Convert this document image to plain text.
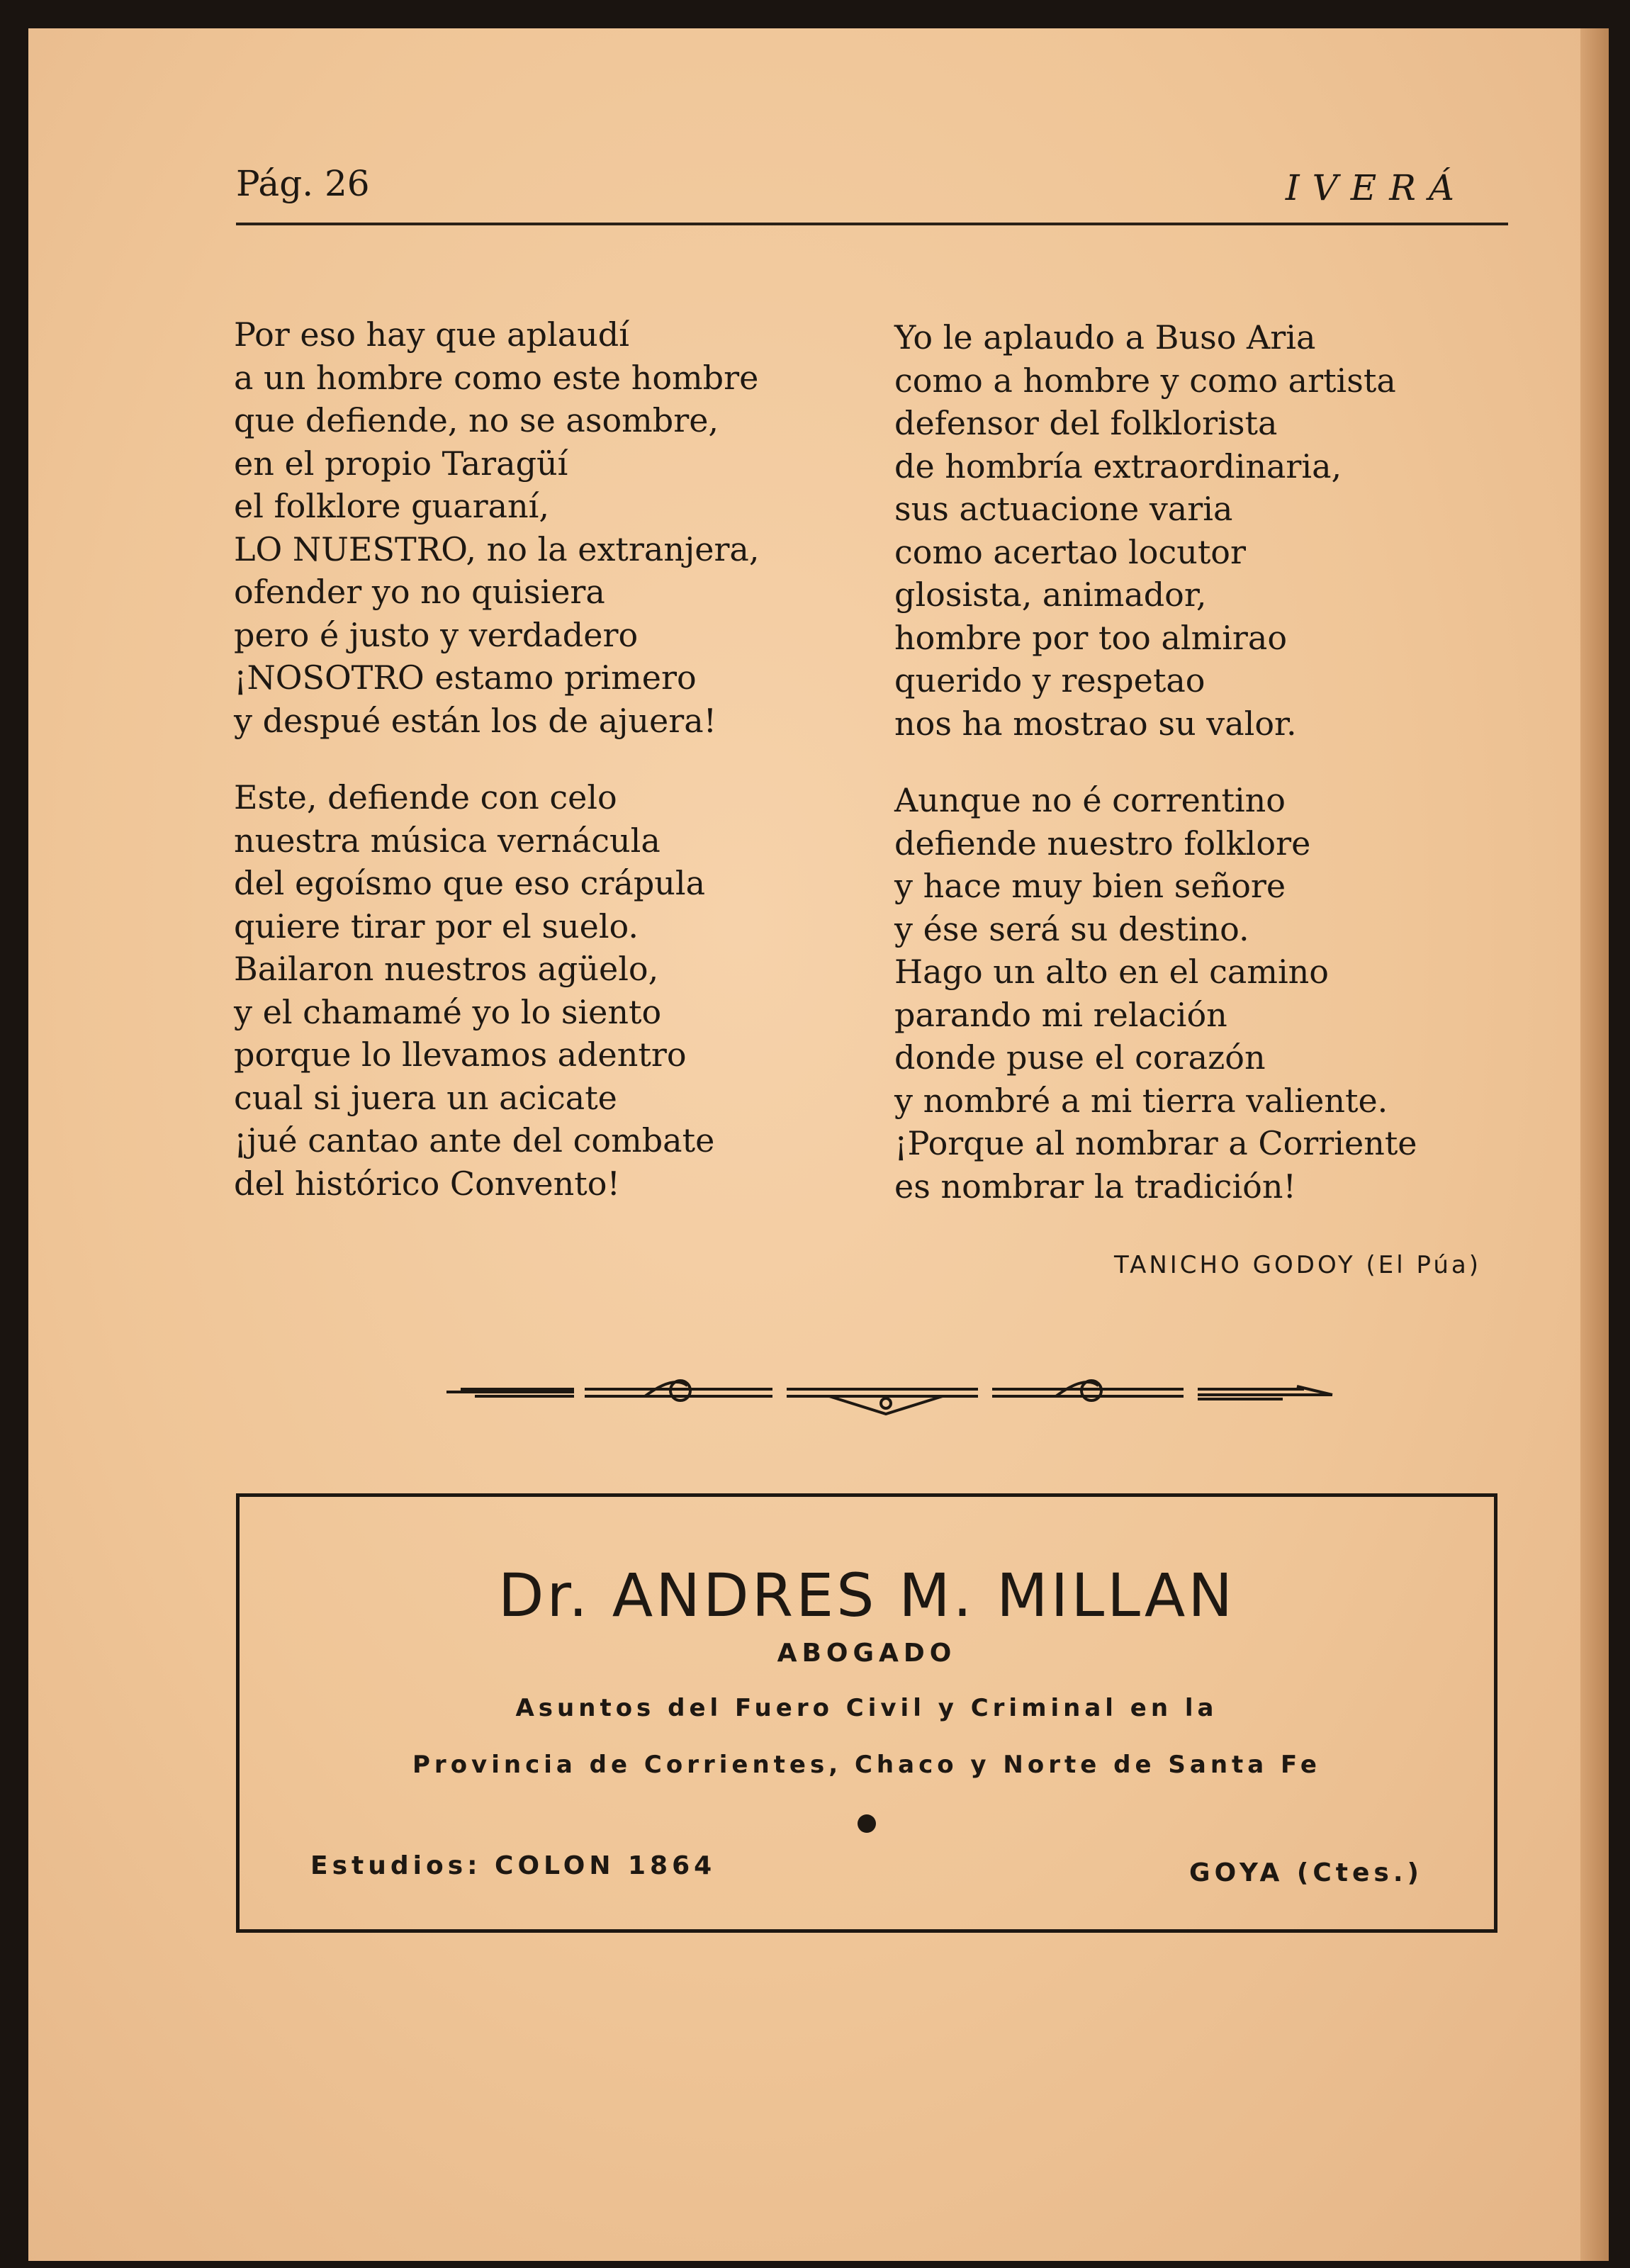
Pág. 26	IVERÁ
Por eso hay que aplaudí
a un hombre como este hombre
que defiende, no se asombre,
en el propio Taragüí
el folklore guaraní,
LO NUESTRO, no la extranjera,
ofender yo no quisiera
pero é justo y verdadero
¡NOSOTRO estamo primero
y despué están los de ajuera!
Este, defiende con celo
nuestra música vernácula
del egoísmo que eso crápula
quiere tirar por el suelo.
Bailaron nuestros agüelo,
y el chamamé yo lo siento
porque lo llevamos adentro
cual si juera un acicate
¡jué cantao ante del combate
del histórico Convento!
Yo le aplaudo a Buso Aria
como a hombre y como artista
defensor del folklorista
de hombría extraordinaria,
sus actuacione varia
como acertao locutor
glosista, animador,
hombre por too almirao
querido y respetao
nos ha mostrao su valor.
Aunque no é correntino
defiende nuestro folklore
y hace muy bien señore
y ése será su destino.
Hago un alto en el camino
parando mi relación
donde puse el corazón
y nombré a mi tierra valiente.
¡Porque al nombrar a Corriente
es nombrar la tradición!
TANICHO GODOY (El Púa)
Dr. ANDRES M. MILLAN
ABOGADO
Asuntos del Fuero Civil y Criminal en la
Provincia de Corrientes, Chaco y Norte de Santa Fe
Estudios: COLON 1864	GOYA (Ctes.)
